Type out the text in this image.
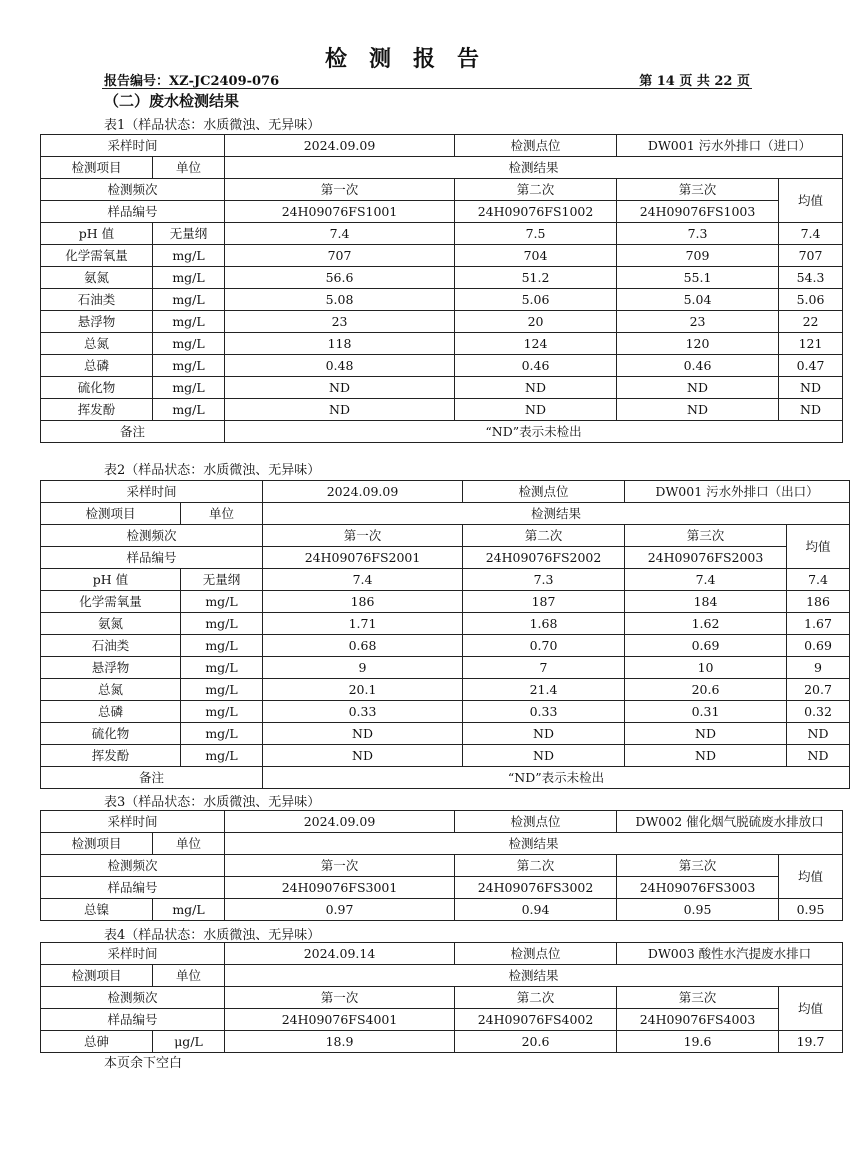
检测报告
报告编号：XZ-JC2409-076	第 14 页 共 22 页
（二）废水检测结果
表1（样品状态：水质微浊、无异味）
采样时间		2024.09.09	检测点位	DW001 污水外排口（进口）	
检测项目	单位	检测结果			
检测频次		第一次	第二次	第三次	均值
样品编号		24H09076FS1001	24H09076FS1002	24H09076FS1003	
pH 值	无量纲	7.4	7.5	7.3	7.4
化学需氧量	mg/L	707	704	709	707
氨氮	mg/L	56.6	51.2	55.1	54.3
石油类	mg/L	5.08	5.06	5.04	5.06
悬浮物	mg/L	23	20	23	22
总氮	mg/L	118	124	120	121
总磷	mg/L	0.48	0.46	0.46	0.47
硫化物	mg/L	ND	ND	ND	ND
挥发酚	mg/L	ND	ND	ND	ND
备注		“ND”表示未检出			
表2（样品状态：水质微浊、无异味）
采样时间		2024.09.09	检测点位	DW001 污水外排口（出口）	
检测项目	单位	检测结果			
检测频次		第一次	第二次	第三次	均值
样品编号		24H09076FS2001	24H09076FS2002	24H09076FS2003	
pH 值	无量纲	7.4	7.3	7.4	7.4
化学需氧量	mg/L	186	187	184	186
氨氮	mg/L	1.71	1.68	1.62	1.67
石油类	mg/L	0.68	0.70	0.69	0.69
悬浮物	mg/L	9	7	10	9
总氮	mg/L	20.1	21.4	20.6	20.7
总磷	mg/L	0.33	0.33	0.31	0.32
硫化物	mg/L	ND	ND	ND	ND
挥发酚	mg/L	ND	ND	ND	ND
备注		“ND”表示未检出			
表3（样品状态：水质微浊、无异味）
采样时间		2024.09.09	检测点位	DW002 催化烟气脱硫废水排放口	
检测项目	单位	检测结果			
检测频次		第一次	第二次	第三次	均值
样品编号		24H09076FS3001	24H09076FS3002	24H09076FS3003	
总镍	mg/L	0.97	0.94	0.95	0.95
表4（样品状态：水质微浊、无异味）
采样时间		2024.09.14	检测点位	DW003 酸性水汽提废水排口	
检测项目	单位	检测结果			
检测频次		第一次	第二次	第三次	均值
样品编号		24H09076FS4001	24H09076FS4002	24H09076FS4003	
总砷	μg/L	18.9	20.6	19.6	19.7
本页余下空白
